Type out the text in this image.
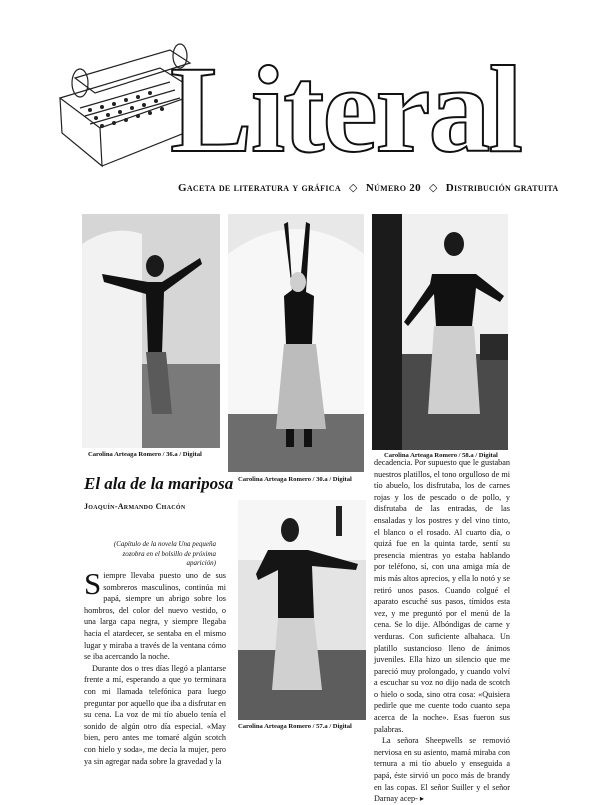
Literal
Gaceta de literatura y gráfica ◇ Número 20 ◇ Distribución gratuita
Carolina Arteaga Romero / 36.a / Digital
Carolina Arteaga Romero / 30.a / Digital
Carolina Arteaga Romero / 58.a / Digital
Carolina Arteaga Romero / 57.a / Digital
El ala de la mariposa
Joaquín-Armando Chacón
(Capítulo de la novela Una pequeña zozobra en el bolsillo de próxima aparición)

Siempre llevaba puesto uno de sus sombreros masculinos, continúa mi papá, siempre un abrigo sobre los hombros, del color del nuevo vestido, o una larga capa negra, y siempre llegaba hacia el atardecer, se sentaba en el mismo lugar y miraba a través de la ventana cómo se iba acercando la noche.

Durante dos o tres días llegó a plantarse frente a mí, esperando a que yo terminara con mi llamada telefónica para luego preguntar por aquello que iba a disfrutar en su cena. La voz de mi tío abuelo tenía el sonido de algún otro día especial. «May bien, pero antes me tomaré algún scotch con hielo y soda», me decía la mujer, pero ya sin agregar nada sobre la gravedad y la

decadencia. Por supuesto que le gustaban nuestros platillos, el tono orgulloso de mi tío abuelo, los disfrutaba, los de carnes rojas y los de pescado o de pollo, y disfrutaba de las entradas, de las ensaladas y los postres y del vino tinto, el blanco o el rosado. Al cuarto día, o quizá fue en la quinta tarde, sentí su presencia mientras yo estaba hablando por teléfono, sí, con una amiga mía de mis más altos aprecios, y ella lo notó y se retiró unos pasos. Cuando colgué el aparato escuché sus pasos, tímidos esta vez, y me preguntó por el menú de la cena. Se lo dije. Albóndigas de carne y verduras. Con suficiente albahaca. Un platillo sustancioso lleno de ánimos juveniles. Ella hizo un silencio que me pareció muy prolongado, y cuando volví a escuchar su voz no dijo nada de scotch o hielo o soda, sino otra cosa: «Quisiera pedirle que me cuente todo cuanto sepa acerca de la noche». Esas fueron sus palabras.

La señora Sheepwells se removió nerviosa en su asiento, mamá miraba con ternura a mi tío abuelo y enseguida a papá, éste sirvió un poco más de brandy en las copas. El señor Suiller y el señor Darnay acep- ▸
